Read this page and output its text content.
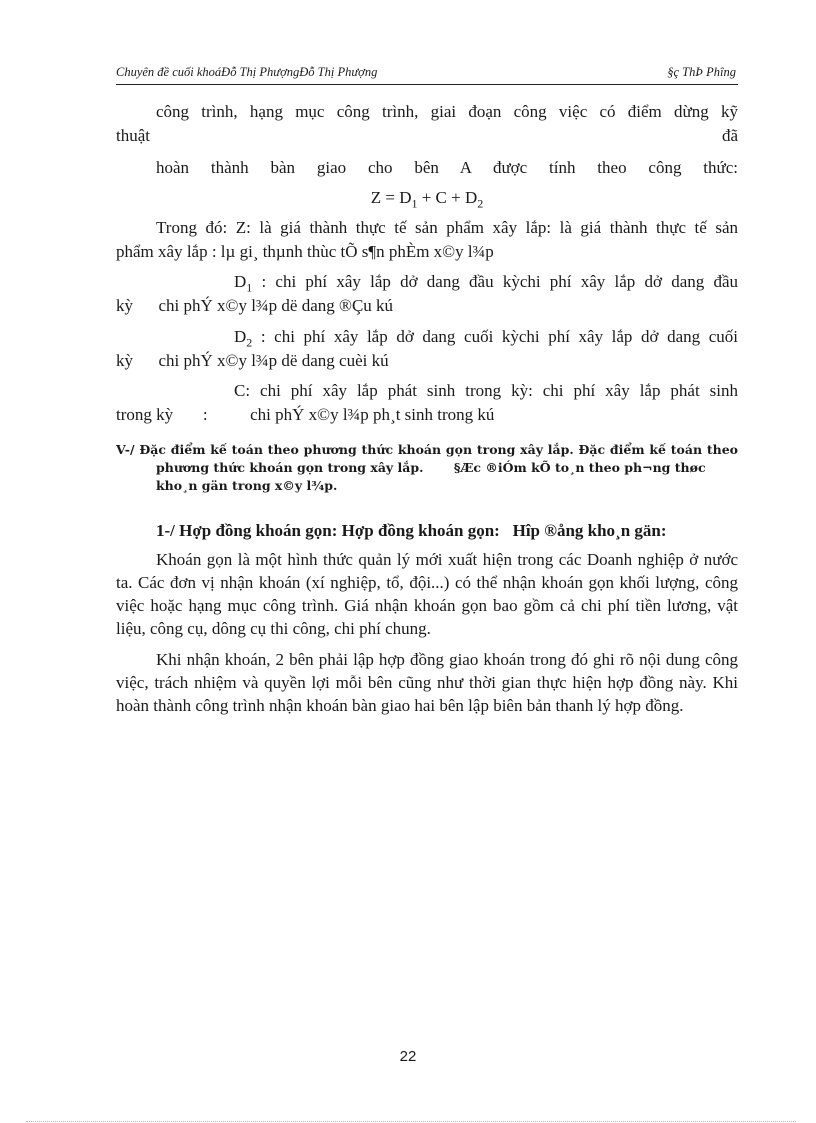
Chuyên đề cuối khoáĐỗ Thị PhượngĐỗ Thị Phượng	§ç ThÞ Phîng
công trình, hạng mục công trình, giai đoạn công việc có điểm dừng kỹ
thuật	đã
hoàn thành bàn giao cho bên A được tính theo công thức:
$Z = D_1 + C + D_2$
Trong đó: Z: là giá thành thực tế sản phẩm xây lắp: là giá thành thực tế sản
phẩm xây lắp : lµ gi¸ thµnh thùc tÕ s¶n phÈm x©y l¾p
$D_1$ : chi phí xây lắp dở dang đầu kỳchi phí xây lắp dở dang đầu
kỳ      chi phÝ x©y l¾p dë dang ®Çu kú
$D_2$ : chi phí xây lắp dở dang cuối kỳchi phí xây lắp dở dang cuối
kỳ      chi phÝ x©y l¾p dë dang cuèi kú
C: chi phí xây lắp phát sinh trong kỳ: chi phí xây lắp phát sinh
trong kỳ       :          chi phÝ x©y l¾p ph¸t sinh trong kú
V-/ Đặc điểm kế toán theo phương thức khoán gọn trong xây lắp. Đặc điểm kế toán theo
phương thức khoán gọn trong xây lắp.       §Æc ®iÓm kÕ to¸n theo ph¬ng thøc
kho¸n gän trong x©y l¾p.
1-/ Hợp đồng khoán gọn: Hợp đồng khoán gọn:   Hîp ®ång kho¸n gän:

Khoán gọn là một hình thức quản lý mới xuất hiện trong các Doanh nghiệp ở nước ta. Các đơn vị nhận khoán (xí nghiệp, tổ, đội...) có thể nhận khoán gọn khối lượng, công việc hoặc hạng mục công trình. Giá nhận khoán gọn bao gồm cả chi phí tiền lương, vật liệu, công cụ, dông cụ thi công, chi phí chung.

Khi nhận khoán, 2 bên phải lập hợp đồng giao khoán trong đó ghi rõ nội dung công việc, trách nhiệm và quyền lợi mỗi bên cũng như thời gian thực hiện hợp đồng này. Khi hoàn thành công trình nhận khoán bàn giao hai bên lập biên bản thanh lý hợp đồng.

22
